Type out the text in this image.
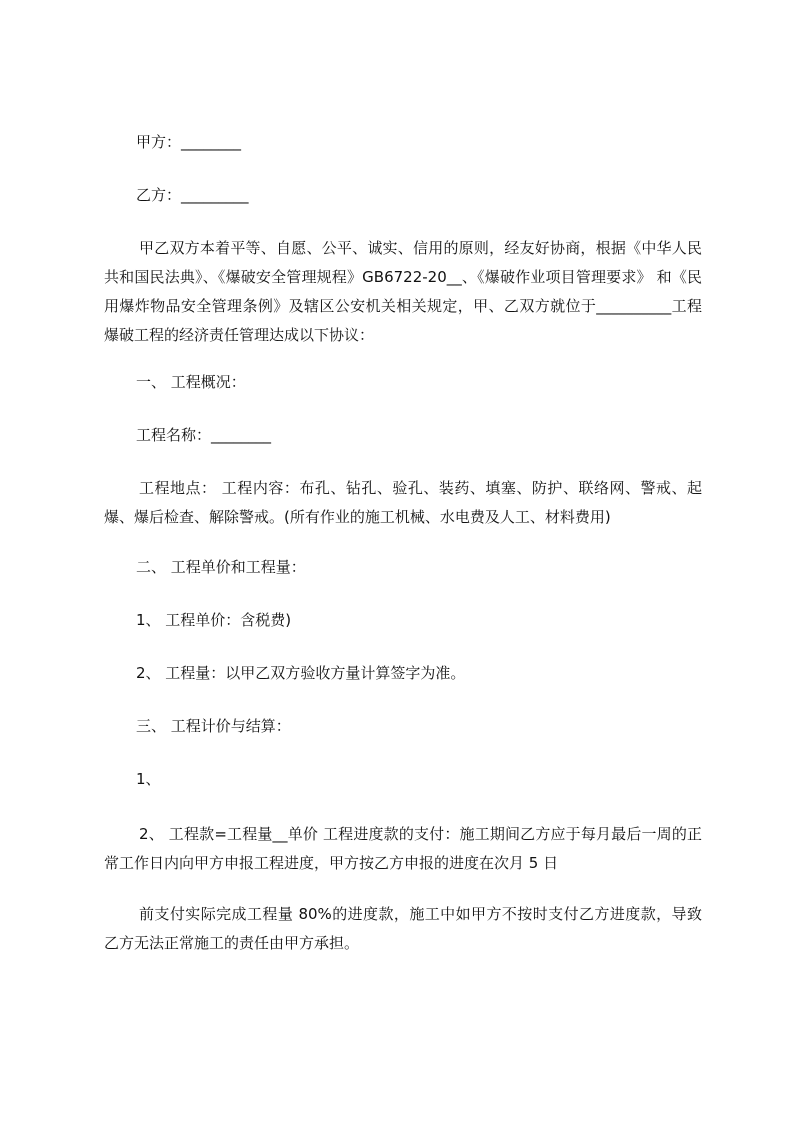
甲方：________
乙方：_________
甲乙双方本着平等、自愿、公平、诚实、信用的原则，经友好协商，根据《中华人民共和国民法典》、《爆破安全管理规程》GB6722-20__、《爆破作业项目管理要求》 和《民用爆炸物品安全管理条例》及辖区公安机关相关规定，甲、乙双方就位于__________工程 爆破工程的经济责任管理达成以下协议：
一、 工程概况：
工程名称：________
工程地点： 工程内容：布孔、钻孔、验孔、装药、填塞、防护、联络网、警戒、起爆、爆后检查、解除警戒。(所有作业的施工机械、水电费及人工、材料费用)
二、 工程单价和工程量：
1、 工程单价：含税费)
2、 工程量：以甲乙双方验收方量计算签字为准。
三、 工程计价与结算：
1、
2、 工程款=工程量__单价 工程进度款的支付：施工期间乙方应于每月最后一周的正常工作日内向甲方申报工程进度，甲方按乙方申报的进度在次月 5 日
前支付实际完成工程量 80%的进度款，施工中如甲方不按时支付乙方进度款，导致乙方无法正常施工的责任由甲方承担。
